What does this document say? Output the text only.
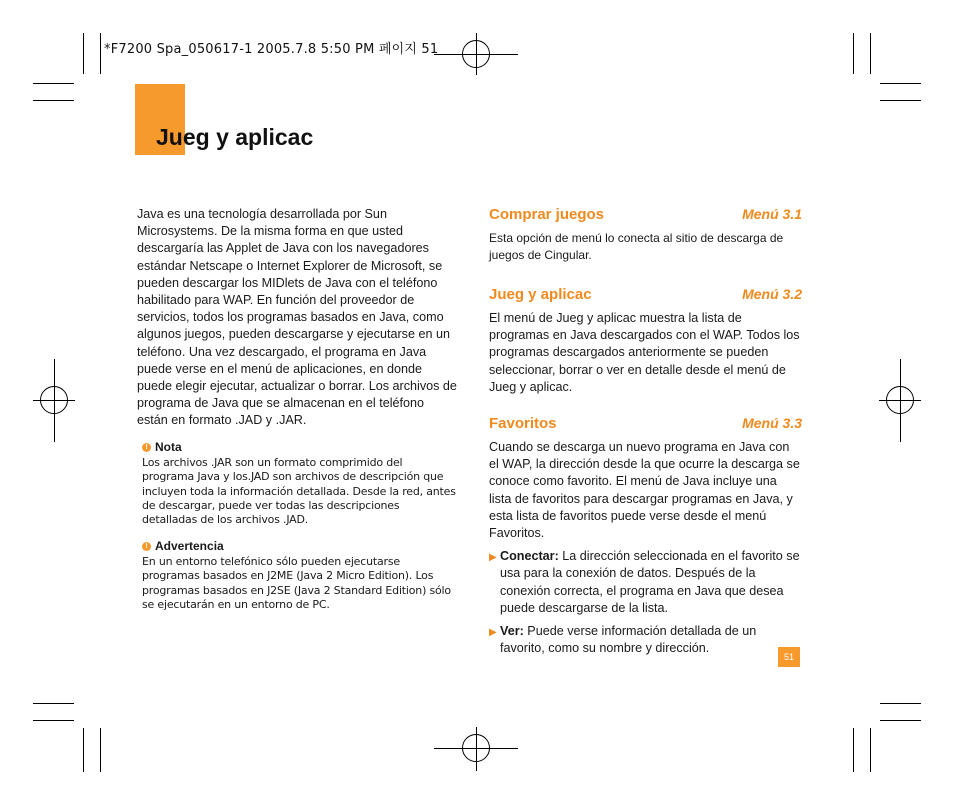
*F7200 Spa_050617-1 2005.7.8 5:50 PM 페이지 51
Jueg y aplicac
Java es una tecnología desarrollada por Sun Microsystems. De la misma forma en que usted descargaría las Applet de Java con los navegadores estándar Netscape o Internet Explorer de Microsoft, se pueden descargar los MIDlets de Java con el teléfono habilitado para WAP. En función del proveedor de servicios, todos los programas basados en Java, como algunos juegos, pueden descargarse y ejecutarse en un teléfono. Una vez descargado, el programa en Java puede verse en el menú de aplicaciones, en donde puede elegir ejecutar, actualizar o borrar. Los archivos de programa de Java que se almacenan en el teléfono están en formato .JAD y .JAR.
! Nota
Los archivos .JAR son un formato comprimido del programa Java y los.JAD son archivos de descripción que incluyen toda la información detallada. Desde la red, antes de descargar, puede ver todas las descripciones detalladas de los archivos .JAD.
! Advertencia
En un entorno telefónico sólo pueden ejecutarse programas basados en J2ME (Java 2 Micro Edition). Los programas basados en J2SE (Java 2 Standard Edition) sólo se ejecutarán en un entorno de PC.
Comprar juegos	Menú 3.1
Esta opción de menú lo conecta al sitio de descarga de juegos de Cingular.
Jueg y aplicac	Menú 3.2
El menú de Jueg y aplicac muestra la lista de programas en Java descargados con el WAP. Todos los programas descargados anteriormente se pueden seleccionar, borrar o ver en detalle desde el menú de Jueg y aplicac.
Favoritos	Menú 3.3
Cuando se descarga un nuevo programa en Java con el WAP, la dirección desde la que ocurre la descarga se conoce como favorito. El menú de Java incluye una lista de favoritos para descargar programas en Java, y esta lista de favoritos puede verse desde el menú Favoritos.
▶ Conectar: La dirección seleccionada en el favorito se usa para la conexión de datos. Después de la conexión correcta, el programa en Java que desea puede descargarse de la lista.
▶ Ver: Puede verse información detallada de un favorito, como su nombre y dirección.
51
